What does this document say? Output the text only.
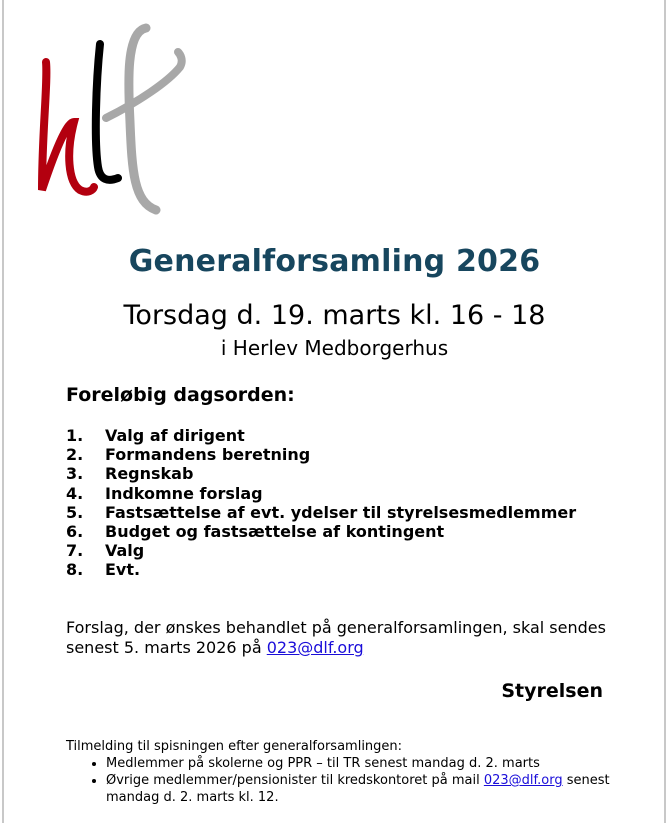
Generalforsamling 2026
Torsdag d. 19. marts kl. 16 - 18
i Herlev Medborgerhus
Foreløbig dagsorden:
1. Valg af dirigent
2. Formandens beretning
3. Regnskab
4. Indkomne forslag
5. Fastsættelse af evt. ydelser til styrelsesmedlemmer
6. Budget og fastsættelse af kontingent
7. Valg
8. Evt.
Forslag, der ønskes behandlet på generalforsamlingen, skal sendes senest 5. marts 2026 på 023@dlf.org
Styrelsen
Tilmelding til spisningen efter generalforsamlingen:
• Medlemmer på skolerne og PPR – til TR senest mandag d. 2. marts
• Øvrige medlemmer/pensionister til kredskontoret på mail 023@dlf.org senest mandag d. 2. marts kl. 12.
